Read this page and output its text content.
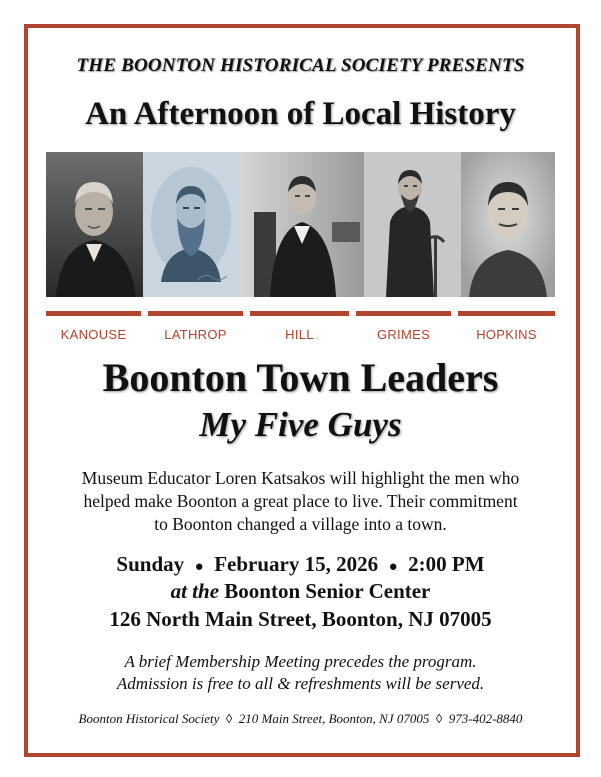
THE BOONTON HISTORICAL SOCIETY PRESENTS
An Afternoon of Local History
KANOUSE	LATHROP	HILL	GRIMES	HOPKINS
Boonton Town Leaders
My Five Guys
Museum Educator Loren Katsakos will highlight the men who
helped make Boonton a great place to live. Their commitment
to Boonton changed a village into a town.
Sunday ● February 15, 2026 ● 2:00 PM
at the Boonton Senior Center
126 North Main Street, Boonton, NJ 07005
A brief Membership Meeting precedes the program.
Admission is free to all & refreshments will be served.
Boonton Historical Society ◊ 210 Main Street, Boonton, NJ 07005 ◊ 973-402-8840
